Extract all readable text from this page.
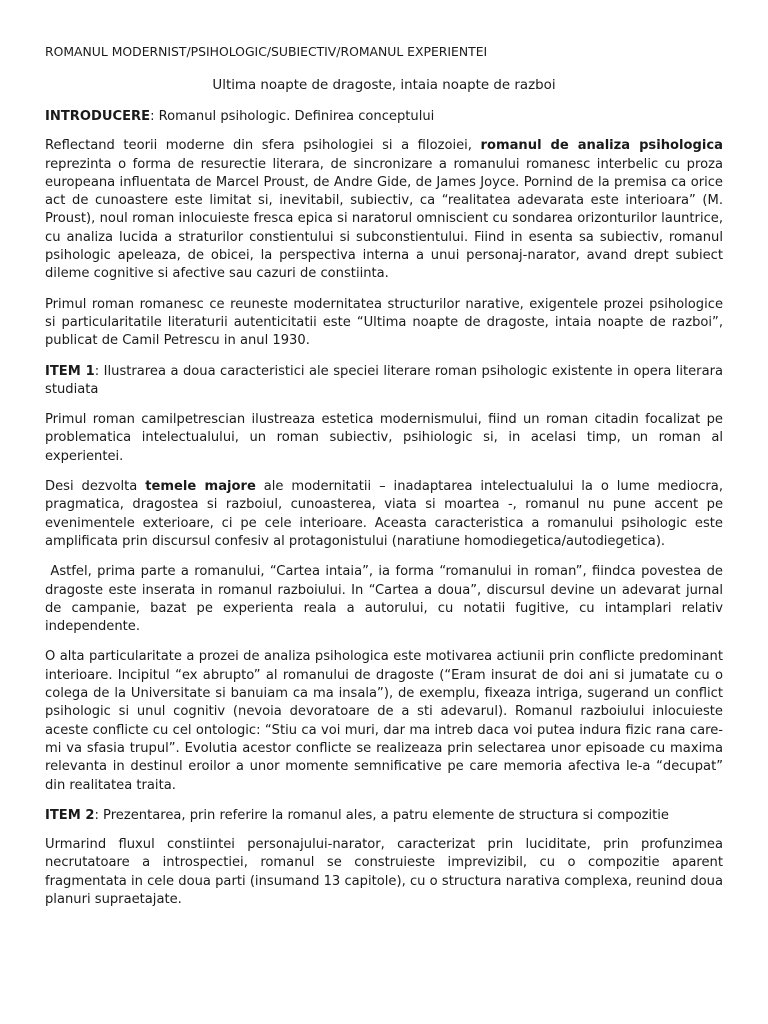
ROMANUL MODERNIST/PSIHOLOGIC/SUBIECTIV/ROMANUL EXPERIENTEI
Ultima noapte de dragoste, intaia noapte de razboi

INTRODUCERE: Romanul psihologic. Definirea conceptului

Reflectand teorii moderne din sfera psihologiei si a filozoiei, romanul de analiza psihologica reprezinta o forma de resurectie literara, de sincronizare a romanului romanesc interbelic cu proza europeana influentata de Marcel Proust, de Andre Gide, de James Joyce. Pornind de la premisa ca orice act de cunoastere este limitat si, inevitabil, subiectiv, ca “realitatea adevarata este interioara” (M. Proust), noul roman inlocuieste fresca epica si naratorul omniscient cu sondarea orizonturilor launtrice, cu analiza lucida a straturilor constientului si subconstientului. Fiind in esenta sa subiectiv, romanul psihologic apeleaza, de obicei, la perspectiva interna a unui personaj-narator, avand drept subiect dileme cognitive si afective sau cazuri de constiinta.

Primul roman romanesc ce reuneste modernitatea structurilor narative, exigentele prozei psihologice si particularitatile literaturii autenticitatii este “Ultima noapte de dragoste, intaia noapte de razboi”, publicat de Camil Petrescu in anul 1930.

ITEM 1: Ilustrarea a doua caracteristici ale speciei literare roman psihologic existente in opera literara studiata

Primul roman camilpetrescian ilustreaza estetica modernismului, fiind un roman citadin focalizat pe problematica intelectualului, un roman subiectiv, psihiologic si, in acelasi timp, un roman al experientei.

Desi dezvolta temele majore ale modernitatii – inadaptarea intelectualului la o lume mediocra, pragmatica, dragostea si razboiul, cunoasterea, viata si moartea -, romanul nu pune accent pe evenimentele exterioare, ci pe cele interioare. Aceasta caracteristica a romanului psihologic este amplificata prin discursul confesiv al protagonistului (naratiune homodiegetica/autodiegetica).

Astfel, prima parte a romanului, “Cartea intaia”, ia forma “romanului in roman”, fiindca povestea de dragoste este inserata in romanul razboiului. In “Cartea a doua”, discursul devine un adevarat jurnal de campanie, bazat pe experienta reala a autorului, cu notatii fugitive, cu intamplari relativ independente.

O alta particularitate a prozei de analiza psihologica este motivarea actiunii prin conflicte predominant interioare. Incipitul “ex abrupto” al romanului de dragoste (“Eram insurat de doi ani si jumatate cu o colega de la Universitate si banuiam ca ma insala”), de exemplu, fixeaza intriga, sugerand un conflict psihologic si unul cognitiv (nevoia devoratoare de a sti adevarul). Romanul razboiului inlocuieste aceste conflicte cu cel ontologic: “Stiu ca voi muri, dar ma intreb daca voi putea indura fizic rana care-mi va sfasia trupul”. Evolutia acestor conflicte se realizeaza prin selectarea unor episoade cu maxima relevanta in destinul eroilor a unor momente semnificative pe care memoria afectiva le-a “decupat” din realitatea traita.

ITEM 2: Prezentarea, prin referire la romanul ales, a patru elemente de structura si compozitie

Urmarind fluxul constiintei personajului-narator, caracterizat prin luciditate, prin profunzimea necrutatoare a introspectiei, romanul se construieste imprevizibil, cu o compozitie aparent fragmentata in cele doua parti (insumand 13 capitole), cu o structura narativa complexa, reunind doua planuri supraetajate.
